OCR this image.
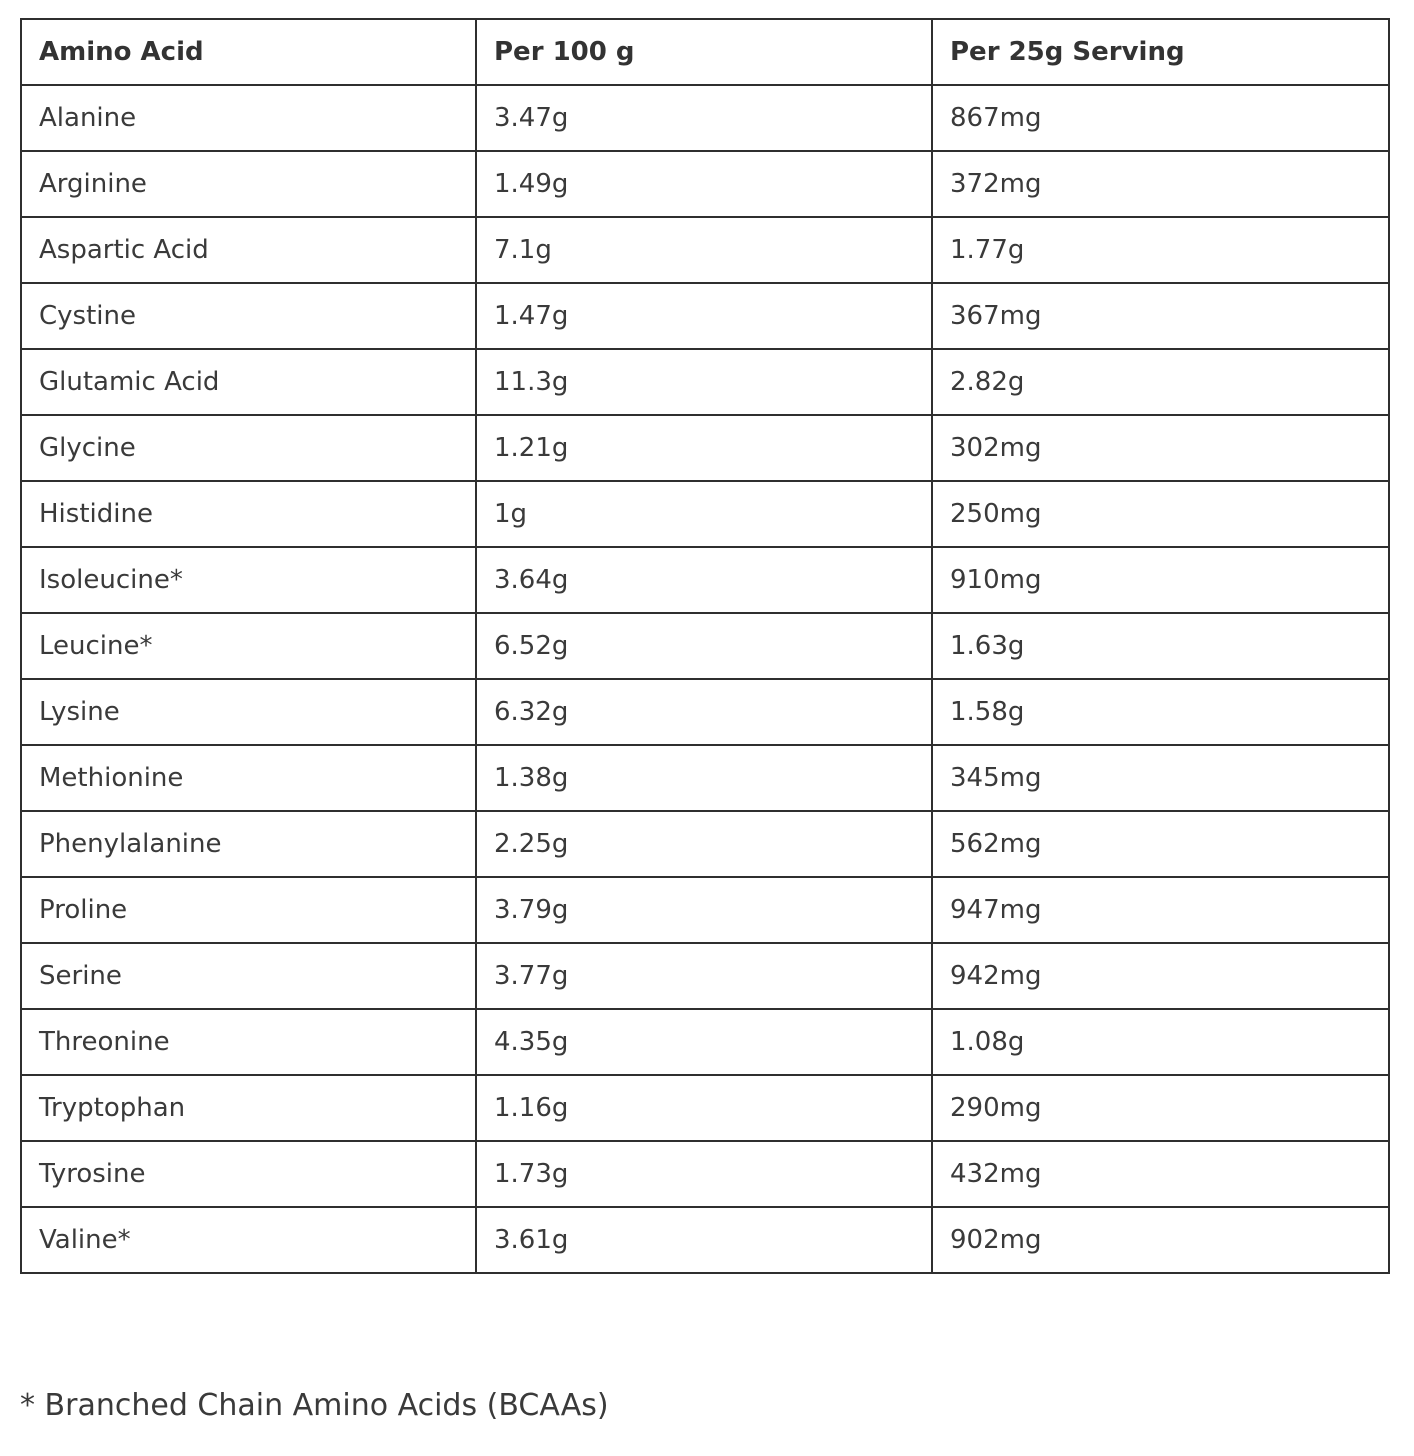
Amino Acid	Per 100 g	Per 25g Serving
Alanine	3.47g	867mg
Arginine	1.49g	372mg
Aspartic Acid	7.1g	1.77g
Cystine	1.47g	367mg
Glutamic Acid	11.3g	2.82g
Glycine	1.21g	302mg
Histidine	1g	250mg
Isoleucine*	3.64g	910mg
Leucine*	6.52g	1.63g
Lysine	6.32g	1.58g
Methionine	1.38g	345mg
Phenylalanine	2.25g	562mg
Proline	3.79g	947mg
Serine	3.77g	942mg
Threonine	4.35g	1.08g
Tryptophan	1.16g	290mg
Tyrosine	1.73g	432mg
Valine*	3.61g	902mg
* Branched Chain Amino Acids (BCAAs)
